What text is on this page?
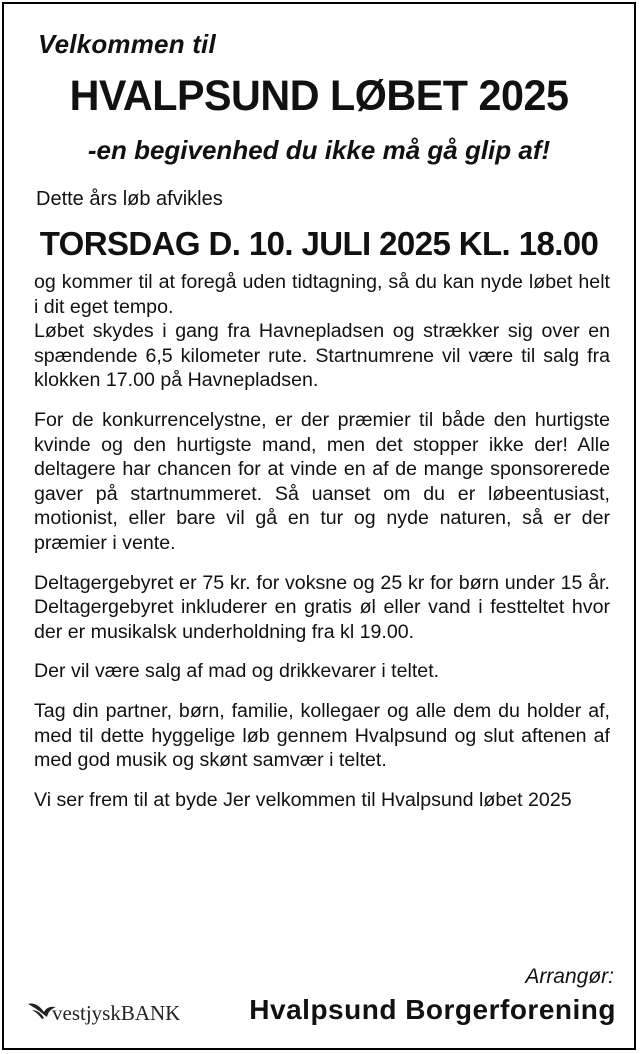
Velkommen til
HVALPSUND LØBET 2025
-en begivenhed du ikke må gå glip af!
Dette års løb afvikles
TORSDAG D. 10. JULI 2025 KL. 18.00

og kommer til at foregå uden tidtagning, så du kan nyde løbet helt i dit eget tempo.

Løbet skydes i gang fra Havnepladsen og strækker sig over en spændende 6,5 kilometer rute. Startnumrene vil være til salg fra klokken 17.00 på Havnepladsen.

For de konkurrencelystne, er der præmier til både den hurtigste kvinde og den hurtigste mand, men det stopper ikke der! Alle deltagere har chancen for at vinde en af de mange sponsorerede gaver på startnummeret. Så uanset om du er løbeentusiast, motionist, eller bare vil gå en tur og nyde naturen, så er der præmier i vente.

Deltagergebyret er 75 kr. for voksne og 25 kr for børn under 15 år. Deltagergebyret inkluderer en gratis øl eller vand i festteltet hvor der er musikalsk underholdning fra kl 19.00.

Der vil være salg af mad og drikkevarer i teltet.

Tag din partner, børn, familie, kollegaer og alle dem du holder af, med til dette hyggelige løb gennem Hvalpsund og slut aftenen af med god musik og skønt samvær i teltet.

Vi ser frem til at byde Jer velkommen til Hvalpsund løbet 2025

Arrangør:
Hvalpsund Borgerforening
vestjyskBANK
